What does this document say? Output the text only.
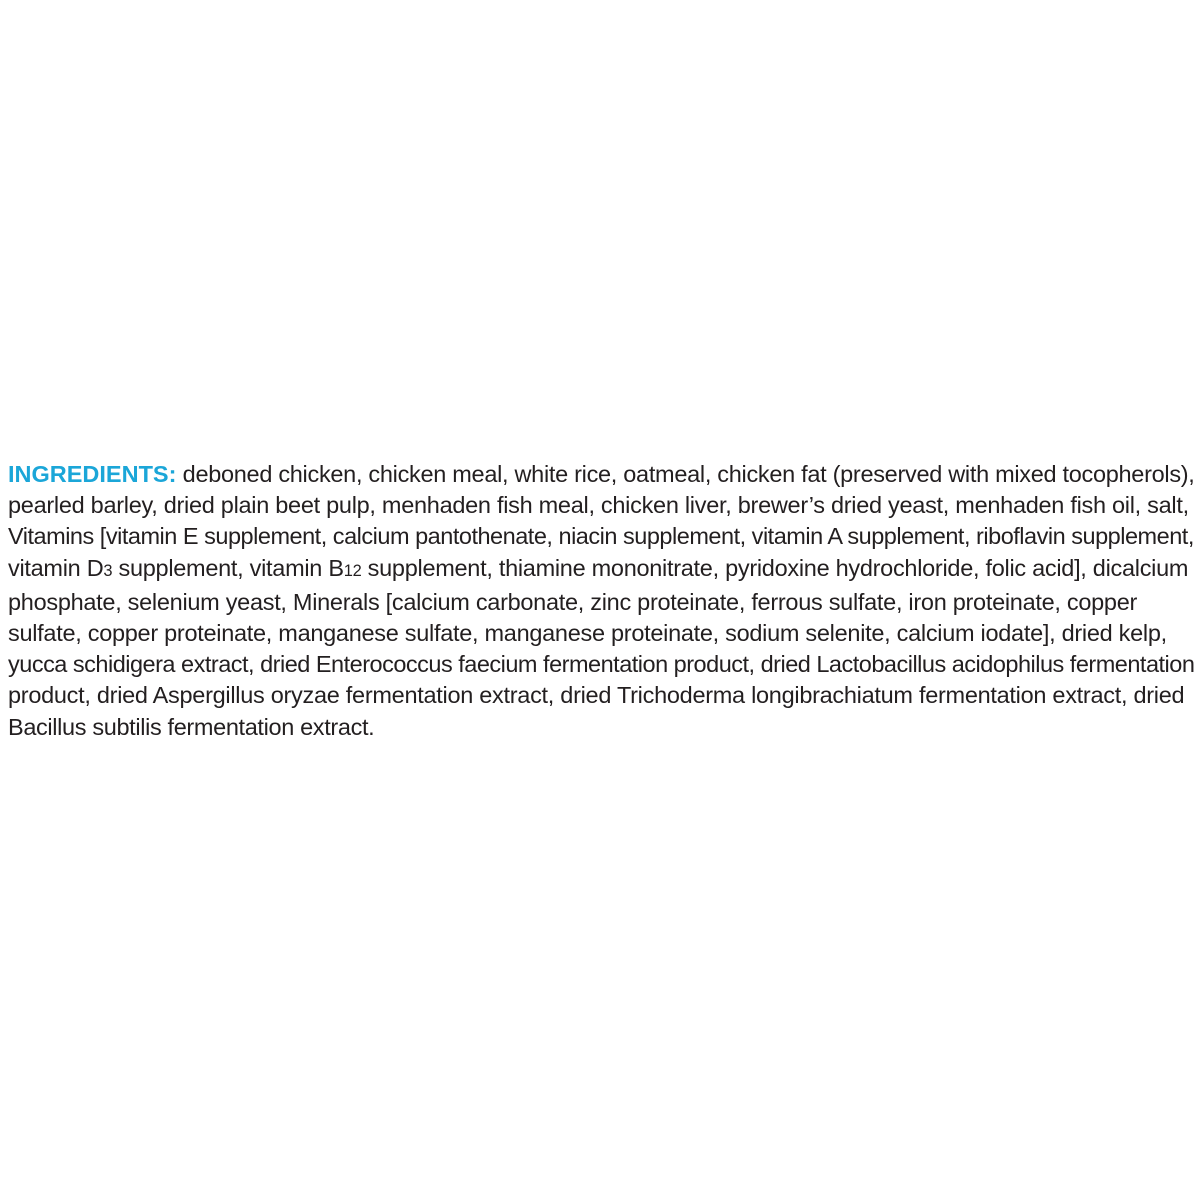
INGREDIENTS: deboned chicken, chicken meal, white rice, oatmeal, chicken fat (preserved with mixed tocopherols),
pearled barley, dried plain beet pulp, menhaden fish meal, chicken liver, brewer’s dried yeast, menhaden fish oil, salt,
Vitamins [vitamin E supplement, calcium pantothenate, niacin supplement, vitamin A supplement, riboflavin supplement,
vitamin D3 supplement, vitamin B12 supplement, thiamine mononitrate, pyridoxine hydrochloride, folic acid], dicalcium
phosphate, selenium yeast, Minerals [calcium carbonate, zinc proteinate, ferrous sulfate, iron proteinate, copper
sulfate, copper proteinate, manganese sulfate, manganese proteinate, sodium selenite, calcium iodate], dried kelp,
yucca schidigera extract, dried Enterococcus faecium fermentation product, dried Lactobacillus acidophilus fermentation
product, dried Aspergillus oryzae fermentation extract, dried Trichoderma longibrachiatum fermentation extract, dried
Bacillus subtilis fermentation extract.
